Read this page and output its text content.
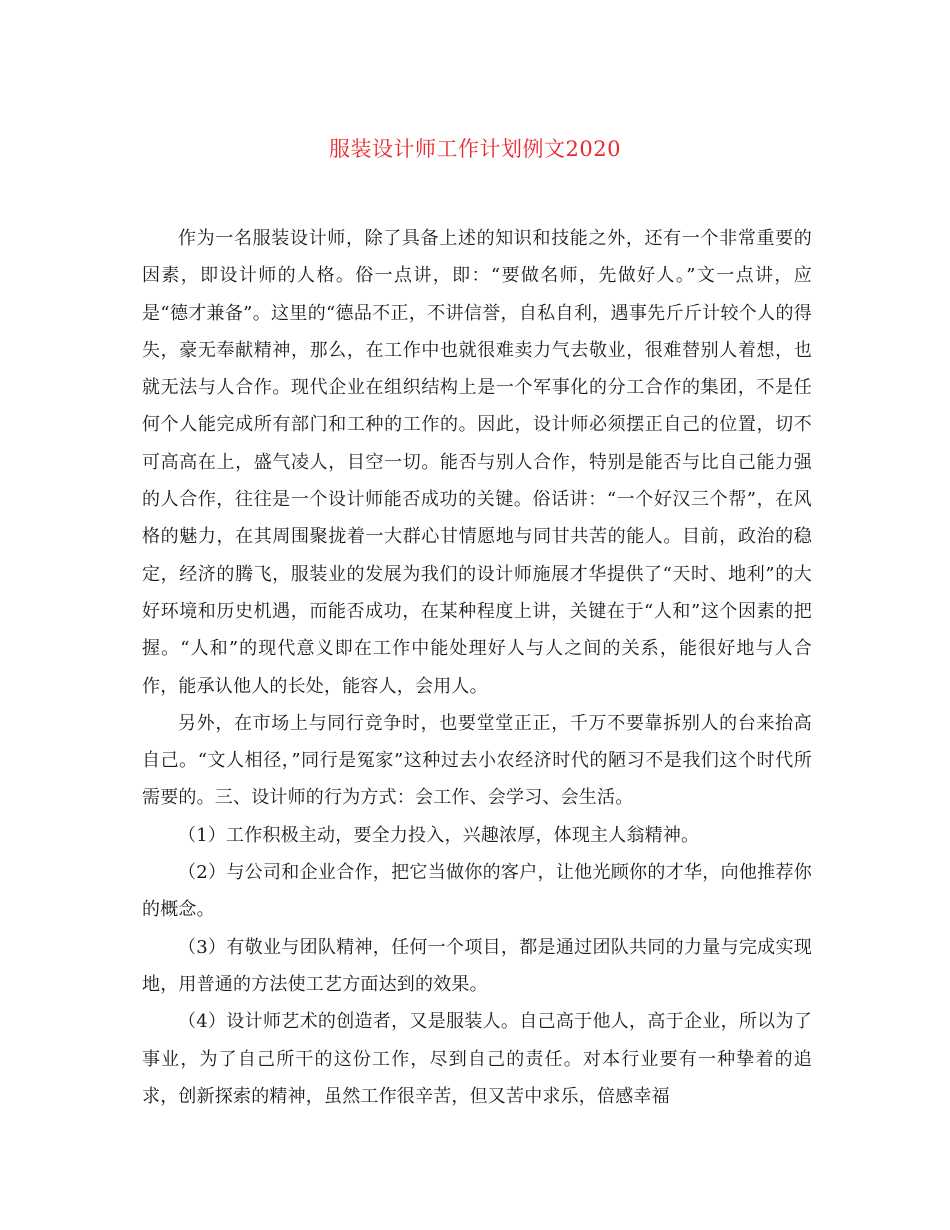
服装设计师工作计划例文2020

作为一名服装设计师，除了具备上述的知识和技能之外，还有一个非常重要的因素，即设计师的人格。俗一点讲，即：“要做名师，先做好人。”文一点讲，应是“德才兼备”。这里的“德品不正，不讲信誉，自私自利，遇事先斤斤计较个人的得失，豪无奉献精神，那么，在工作中也就很难卖力气去敬业，很难替别人着想，也就无法与人合作。现代企业在组织结构上是一个军事化的分工合作的集团，不是任何个人能完成所有部门和工种的工作的。因此，设计师必须摆正自己的位置，切不可高高在上，盛气凌人，目空一切。能否与别人合作，特别是能否与比自己能力强的人合作，往往是一个设计师能否成功的关键。俗话讲：“一个好汉三个帮”，在风格的魅力，在其周围聚拢着一大群心甘情愿地与同甘共苦的能人。目前，政治的稳定，经济的腾飞，服装业的发展为我们的设计师施展才华提供了“天时、地利”的大好环境和历史机遇，而能否成功，在某种程度上讲，关键在于“人和”这个因素的把握。“人和”的现代意义即在工作中能处理好人与人之间的关系，能很好地与人合作，能承认他人的长处，能容人，会用人。

另外，在市场上与同行竞争时，也要堂堂正正，千万不要靠拆别人的台来抬高自己。“文人相径，”同行是冤家”这种过去小农经济时代的陋习不是我们这个时代所需要的。三、设计师的行为方式：会工作、会学习、会生活。

（1）工作积极主动，要全力投入，兴趣浓厚，体现主人翁精神。

（2）与公司和企业合作，把它当做你的客户，让他光顾你的才华，向他推荐你的概念。

（3）有敬业与团队精神，任何一个项目，都是通过团队共同的力量与完成实现地，用普通的方法使工艺方面达到的效果。

（4）设计师艺术的创造者，又是服装人。自己高于他人，高于企业，所以为了事业，为了自己所干的这份工作，尽到自己的责任。对本行业要有一种挚着的追求，创新探索的精神，虽然工作很辛苦，但又苦中求乐，倍感幸福
